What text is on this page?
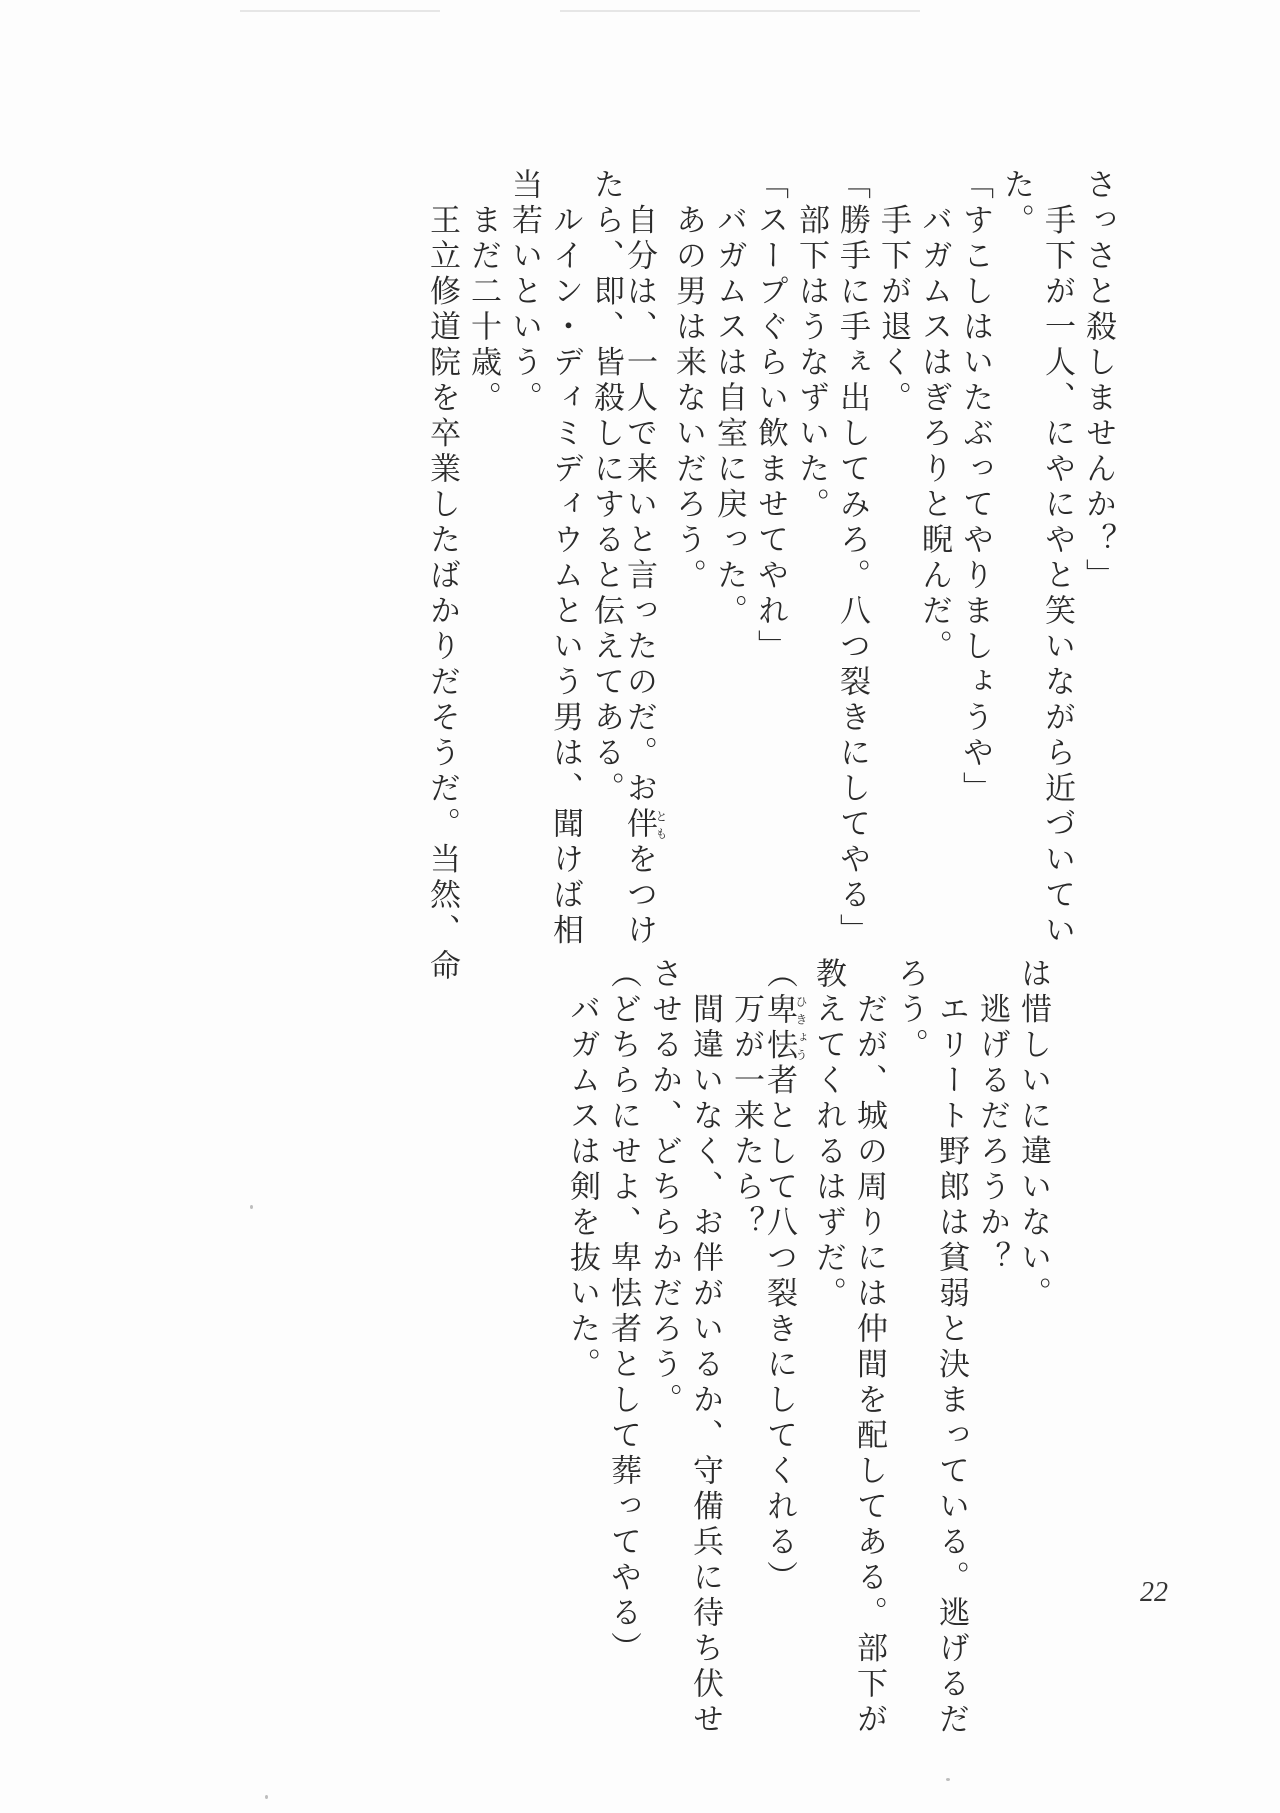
さっさと殺しませんか？」

　手下が一人、にやにやと笑いながら近づいてい

た。

「すこしはいたぶってやりましょうや」

　バガムスはぎろりと睨んだ。

　手下が退く。

「勝手に手ぇ出してみろ。八つ裂きにしてやる」

　部下はうなずいた。

「スープぐらい飲ませてやれ」

　バガムスは自室に戻った。

　あの男は来ないだろう。

　自分は、一人で来いと言ったのだ。お伴ともをつけ

たら、即、皆殺しにすると伝えてある。

　ルイン・ディミディウムという男は、聞けば相

当若いという。

　まだ二十歳。

　王立修道院を卒業したばかりだそうだ。当然、命

は惜しいに違いない。

　逃げるだろうか？

　エリート野郎は貧弱と決まっている。逃げるだ

ろう。

　だが、城の周りには仲間を配してある。部下が

教えてくれるはずだ。

（卑怯ひきょう者として八つ裂きにしてくれる）

　万が一来たら？

　間違いなく、お伴がいるか、守備兵に待ち伏せ

させるか、どちらかだろう。

（どちらにせよ、卑怯者として葬ってやる）

　バガムスは剣を抜いた。

22
